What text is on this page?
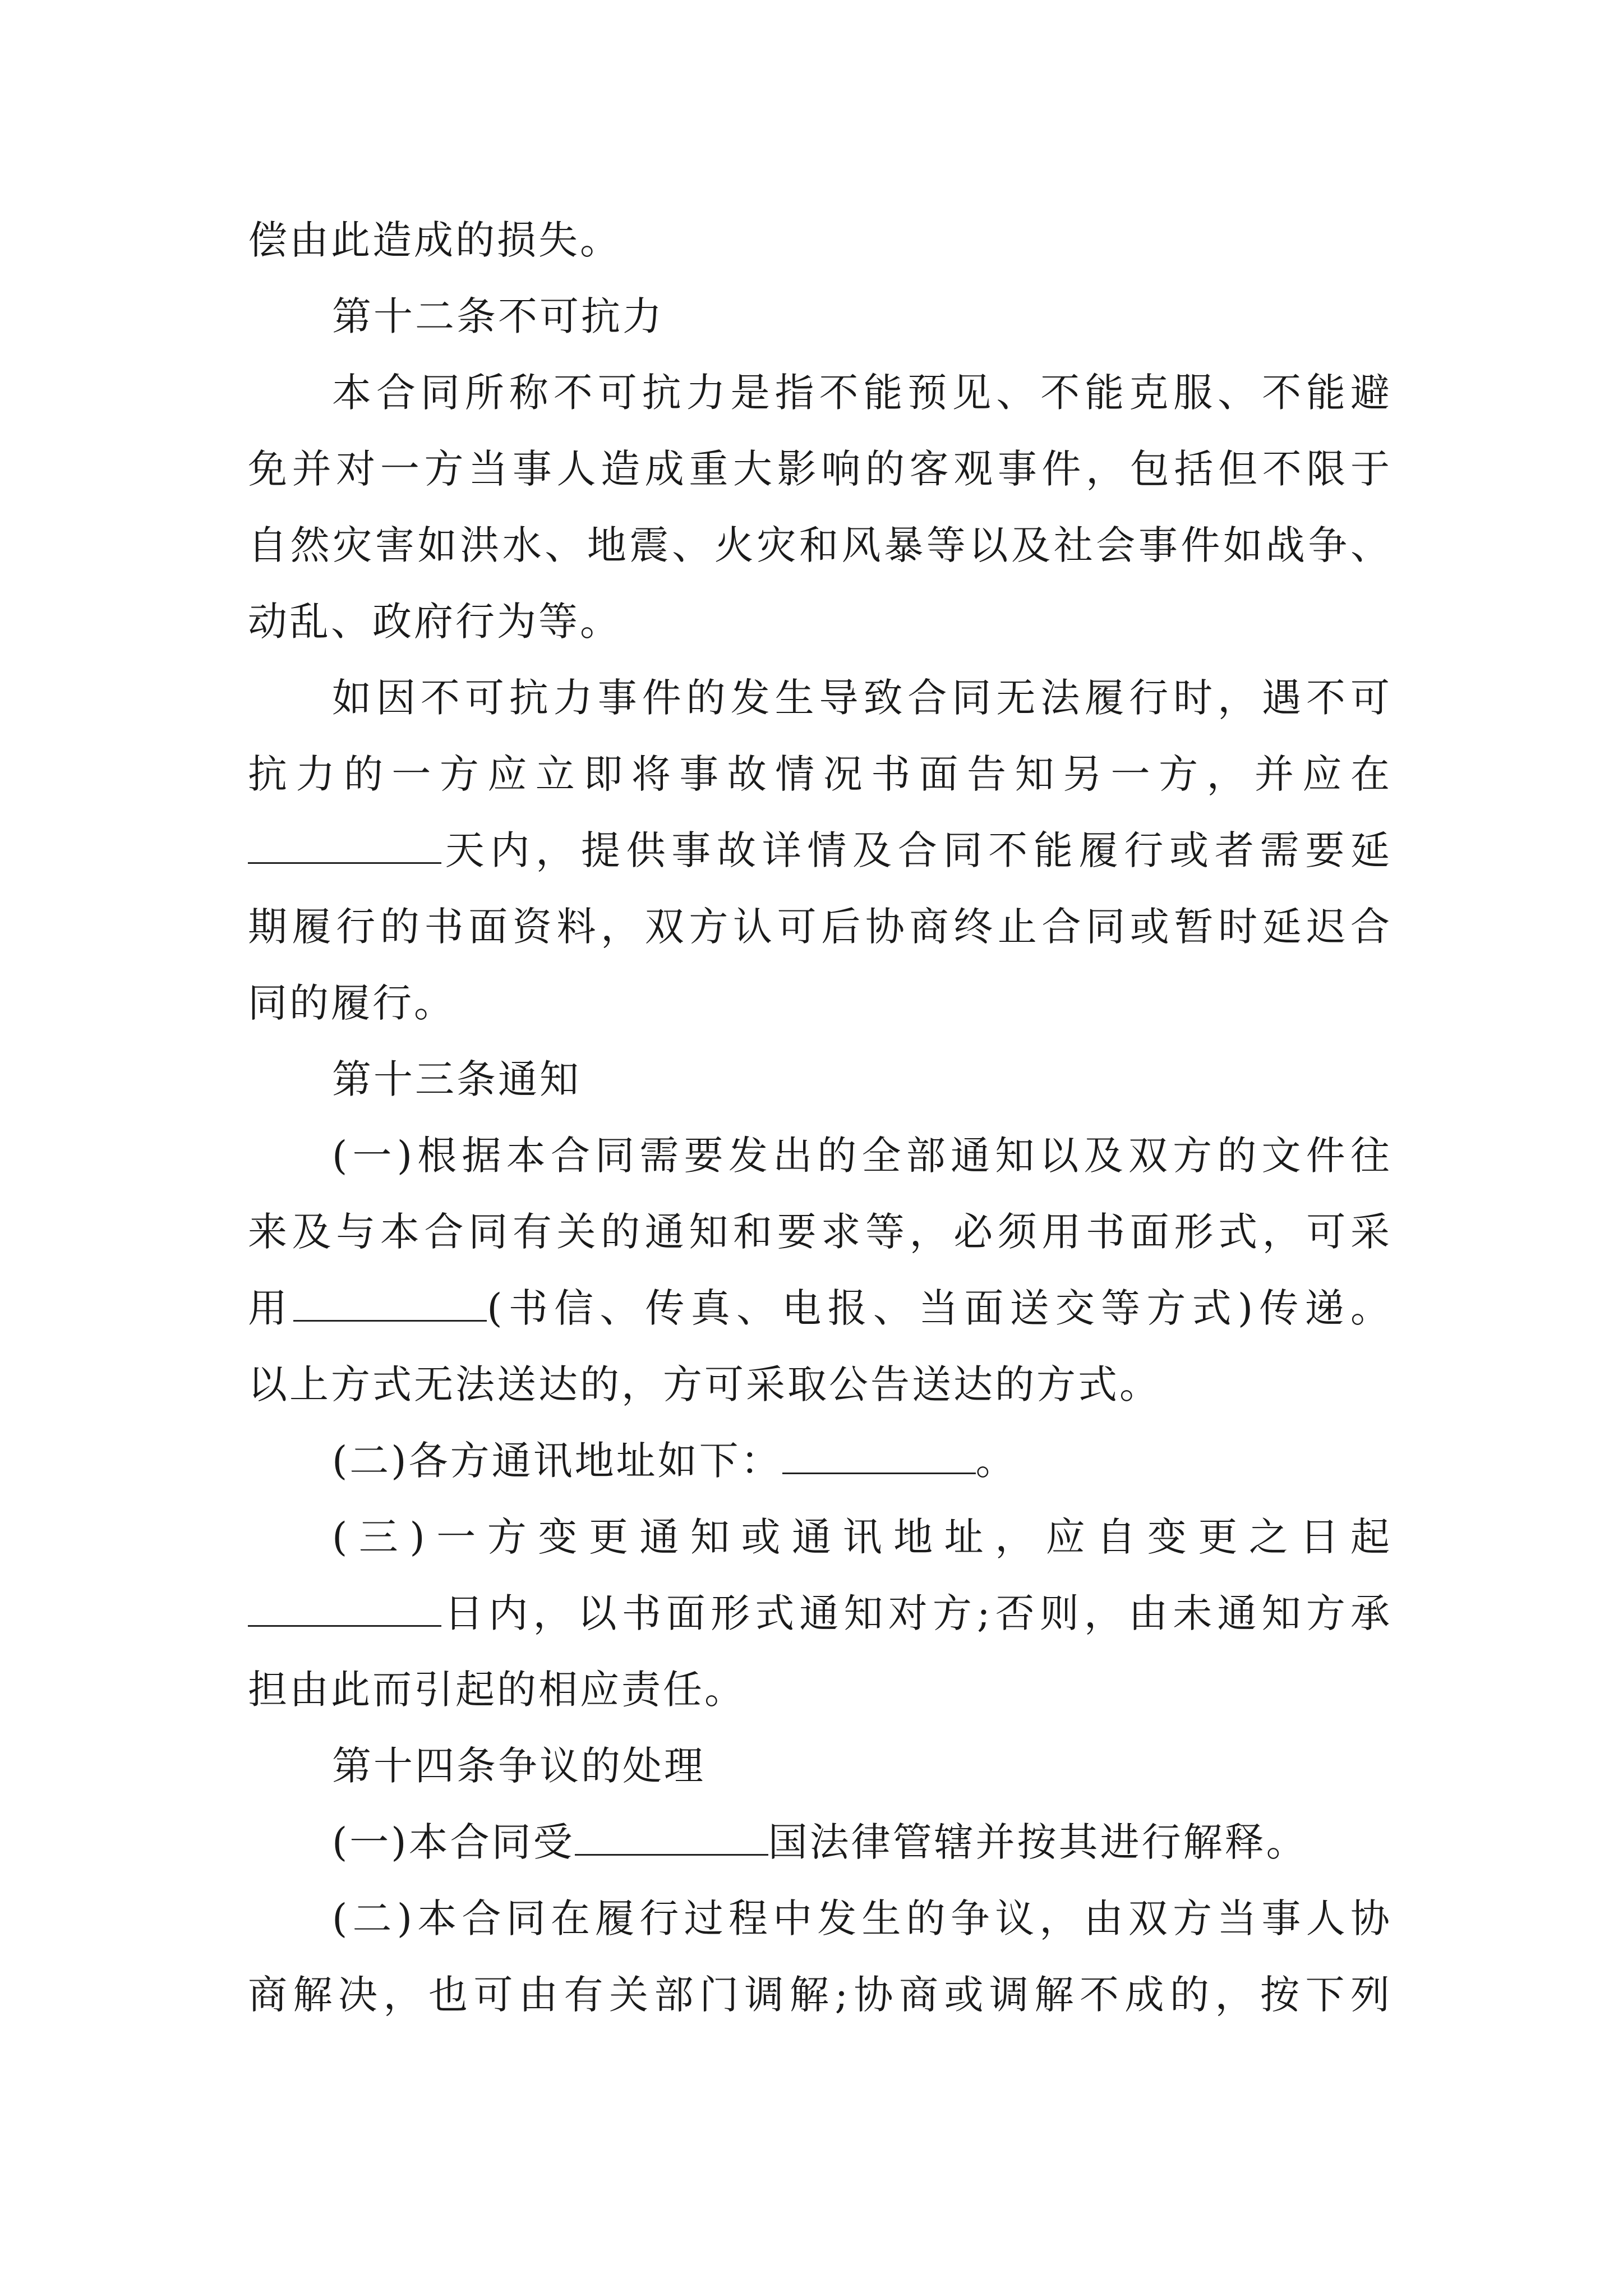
偿由此造成的损失。
第十二条不可抗力
本合同所称不可抗力是指不能预见、不能克服、不能避
免并对一方当事人造成重大影响的客观事件，包括但不限于
自然灾害如洪水、地震、火灾和风暴等以及社会事件如战争、
动乱、政府行为等。
如因不可抗力事件的发生导致合同无法履行时，遇不可
抗力的一方应立即将事故情况书面告知另一方，并应在
天内，提供事故详情及合同不能履行或者需要延
期履行的书面资料，双方认可后协商终止合同或暂时延迟合
同的履行。
第十三条通知
(一)根据本合同需要发出的全部通知以及双方的文件往
来及与本合同有关的通知和要求等，必须用书面形式，可采
用	(书信、传真、电报、当面送交等方式)传递。
以上方式无法送达的，方可采取公告送达的方式。
(二)各方通讯地址如下：	。
(三)一方变更通知或通讯地址，应自变更之日起
日内，以书面形式通知对方;否则，由未通知方承
担由此而引起的相应责任。
第十四条争议的处理
(一)本合同受	国法律管辖并按其进行解释。
(二)本合同在履行过程中发生的争议，由双方当事人协
商解决，也可由有关部门调解;协商或调解不成的，按下列
